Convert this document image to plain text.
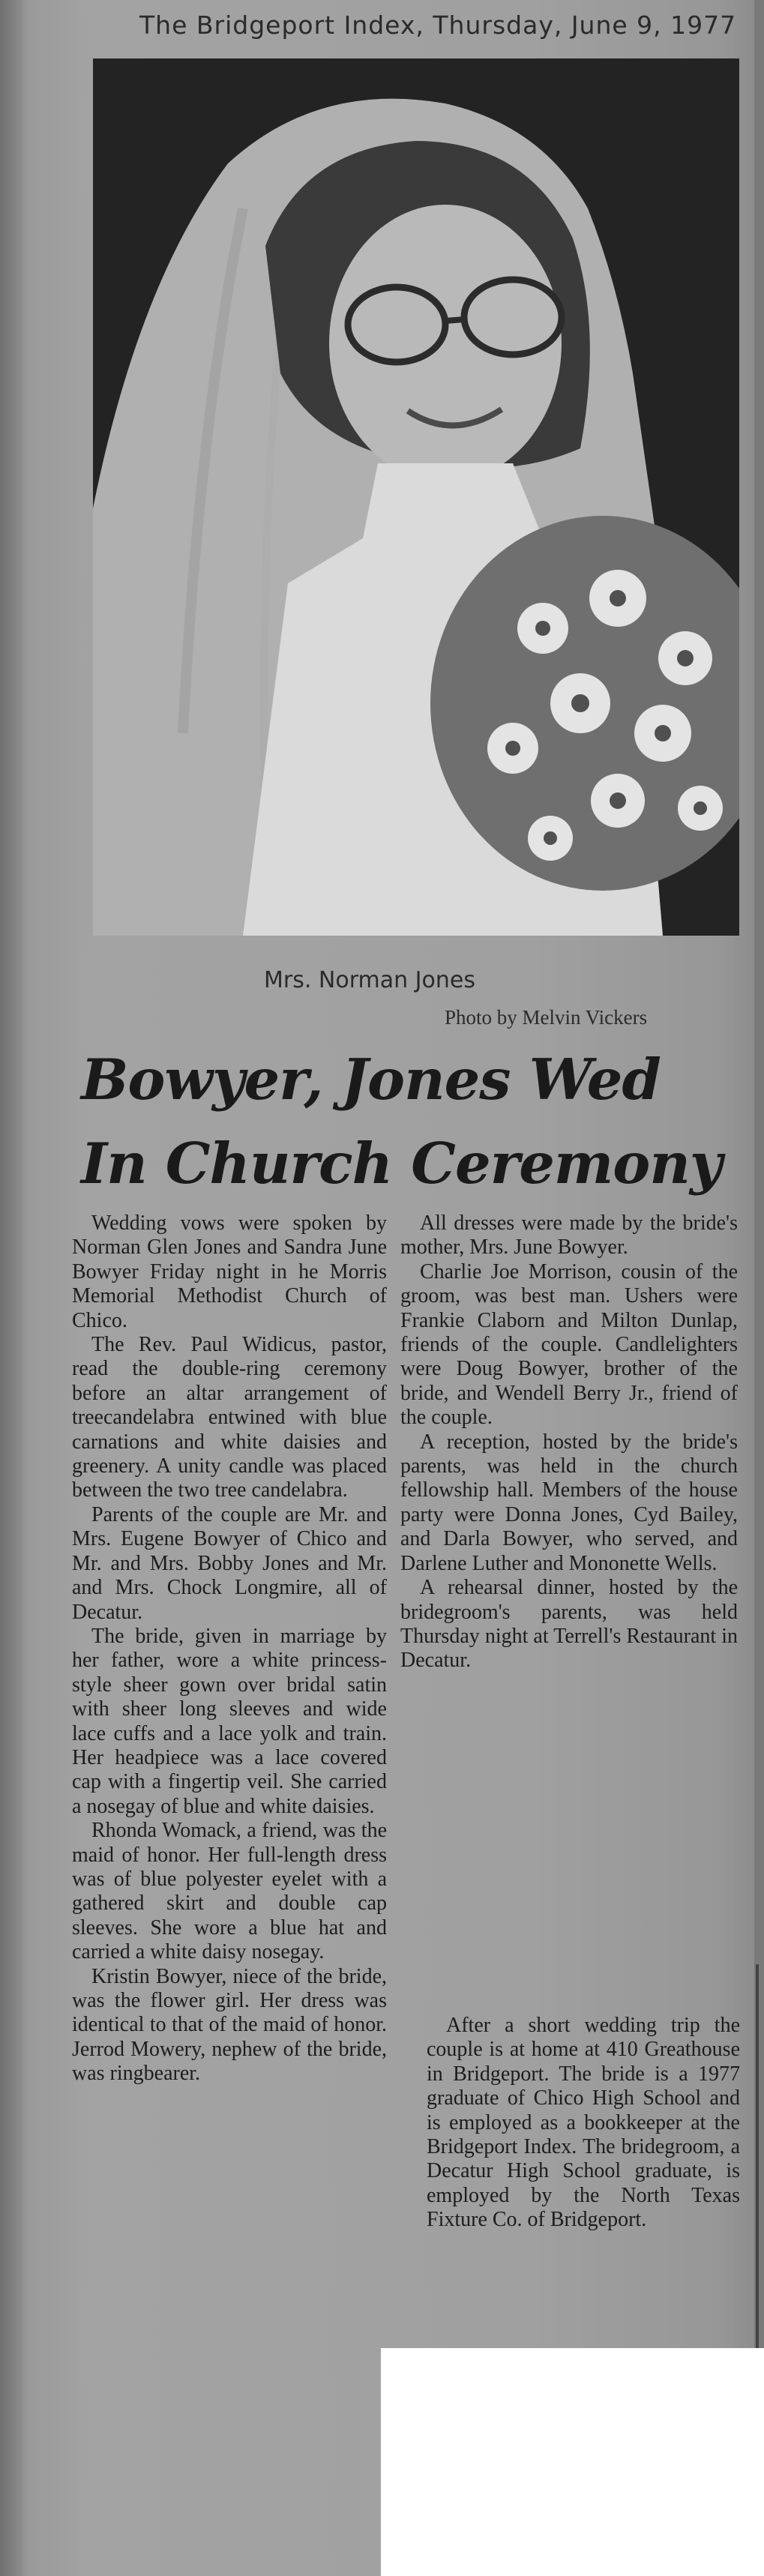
The Bridgeport Index, Thursday, June 9, 1977
Mrs. Norman Jones
Photo by Melvin Vickers
Bowyer, Jones Wed
In Church Ceremony

Wedding vows were spoken by Norman Glen Jones and Sandra June Bowyer Friday night in he Morris Memorial Methodist Church of Chico.

The Rev. Paul Widicus, pastor, read the double-ring ceremony before an altar arrangement of treecandelabra entwined with blue carnations and white daisies and greenery. A unity candle was placed between the two tree candelabra.

Parents of the couple are Mr. and Mrs. Eugene Bowyer of Chico and Mr. and Mrs. Bobby Jones and Mr. and Mrs. Chock Longmire, all of Decatur.

The bride, given in marriage by her father, wore a white princess-style sheer gown over bridal satin with sheer long sleeves and wide lace cuffs and a lace yolk and train. Her headpiece was a lace covered cap with a fingertip veil. She carried a nosegay of blue and white daisies.

Rhonda Womack, a friend, was the maid of honor. Her full-length dress was of blue polyester eyelet with a gathered skirt and double cap sleeves. She wore a blue hat and carried a white daisy nosegay.

Kristin Bowyer, niece of the bride, was the flower girl. Her dress was identical to that of the maid of honor. Jerrod Mowery, nephew of the bride, was ringbearer.

All dresses were made by the bride's mother, Mrs. June Bowyer.

Charlie Joe Morrison, cousin of the groom, was best man. Ushers were Frankie Claborn and Milton Dunlap, friends of the couple. Candlelighters were Doug Bowyer, brother of the bride, and Wendell Berry Jr., friend of the couple.

A reception, hosted by the bride's parents, was held in the church fellowship hall. Members of the house party were Donna Jones, Cyd Bailey, and Darla Bowyer, who served, and Darlene Luther and Mononette Wells.

A rehearsal dinner, hosted by the bridegroom's parents, was held Thursday night at Terrell's Restaurant in Decatur.

After a short wedding trip the couple is at home at 410 Greathouse in Bridgeport. The bride is a 1977 graduate of Chico High School and is employed as a bookkeeper at the Bridgeport Index. The bridegroom, a Decatur High School graduate, is employed by the North Texas Fixture Co. of Bridgeport.
